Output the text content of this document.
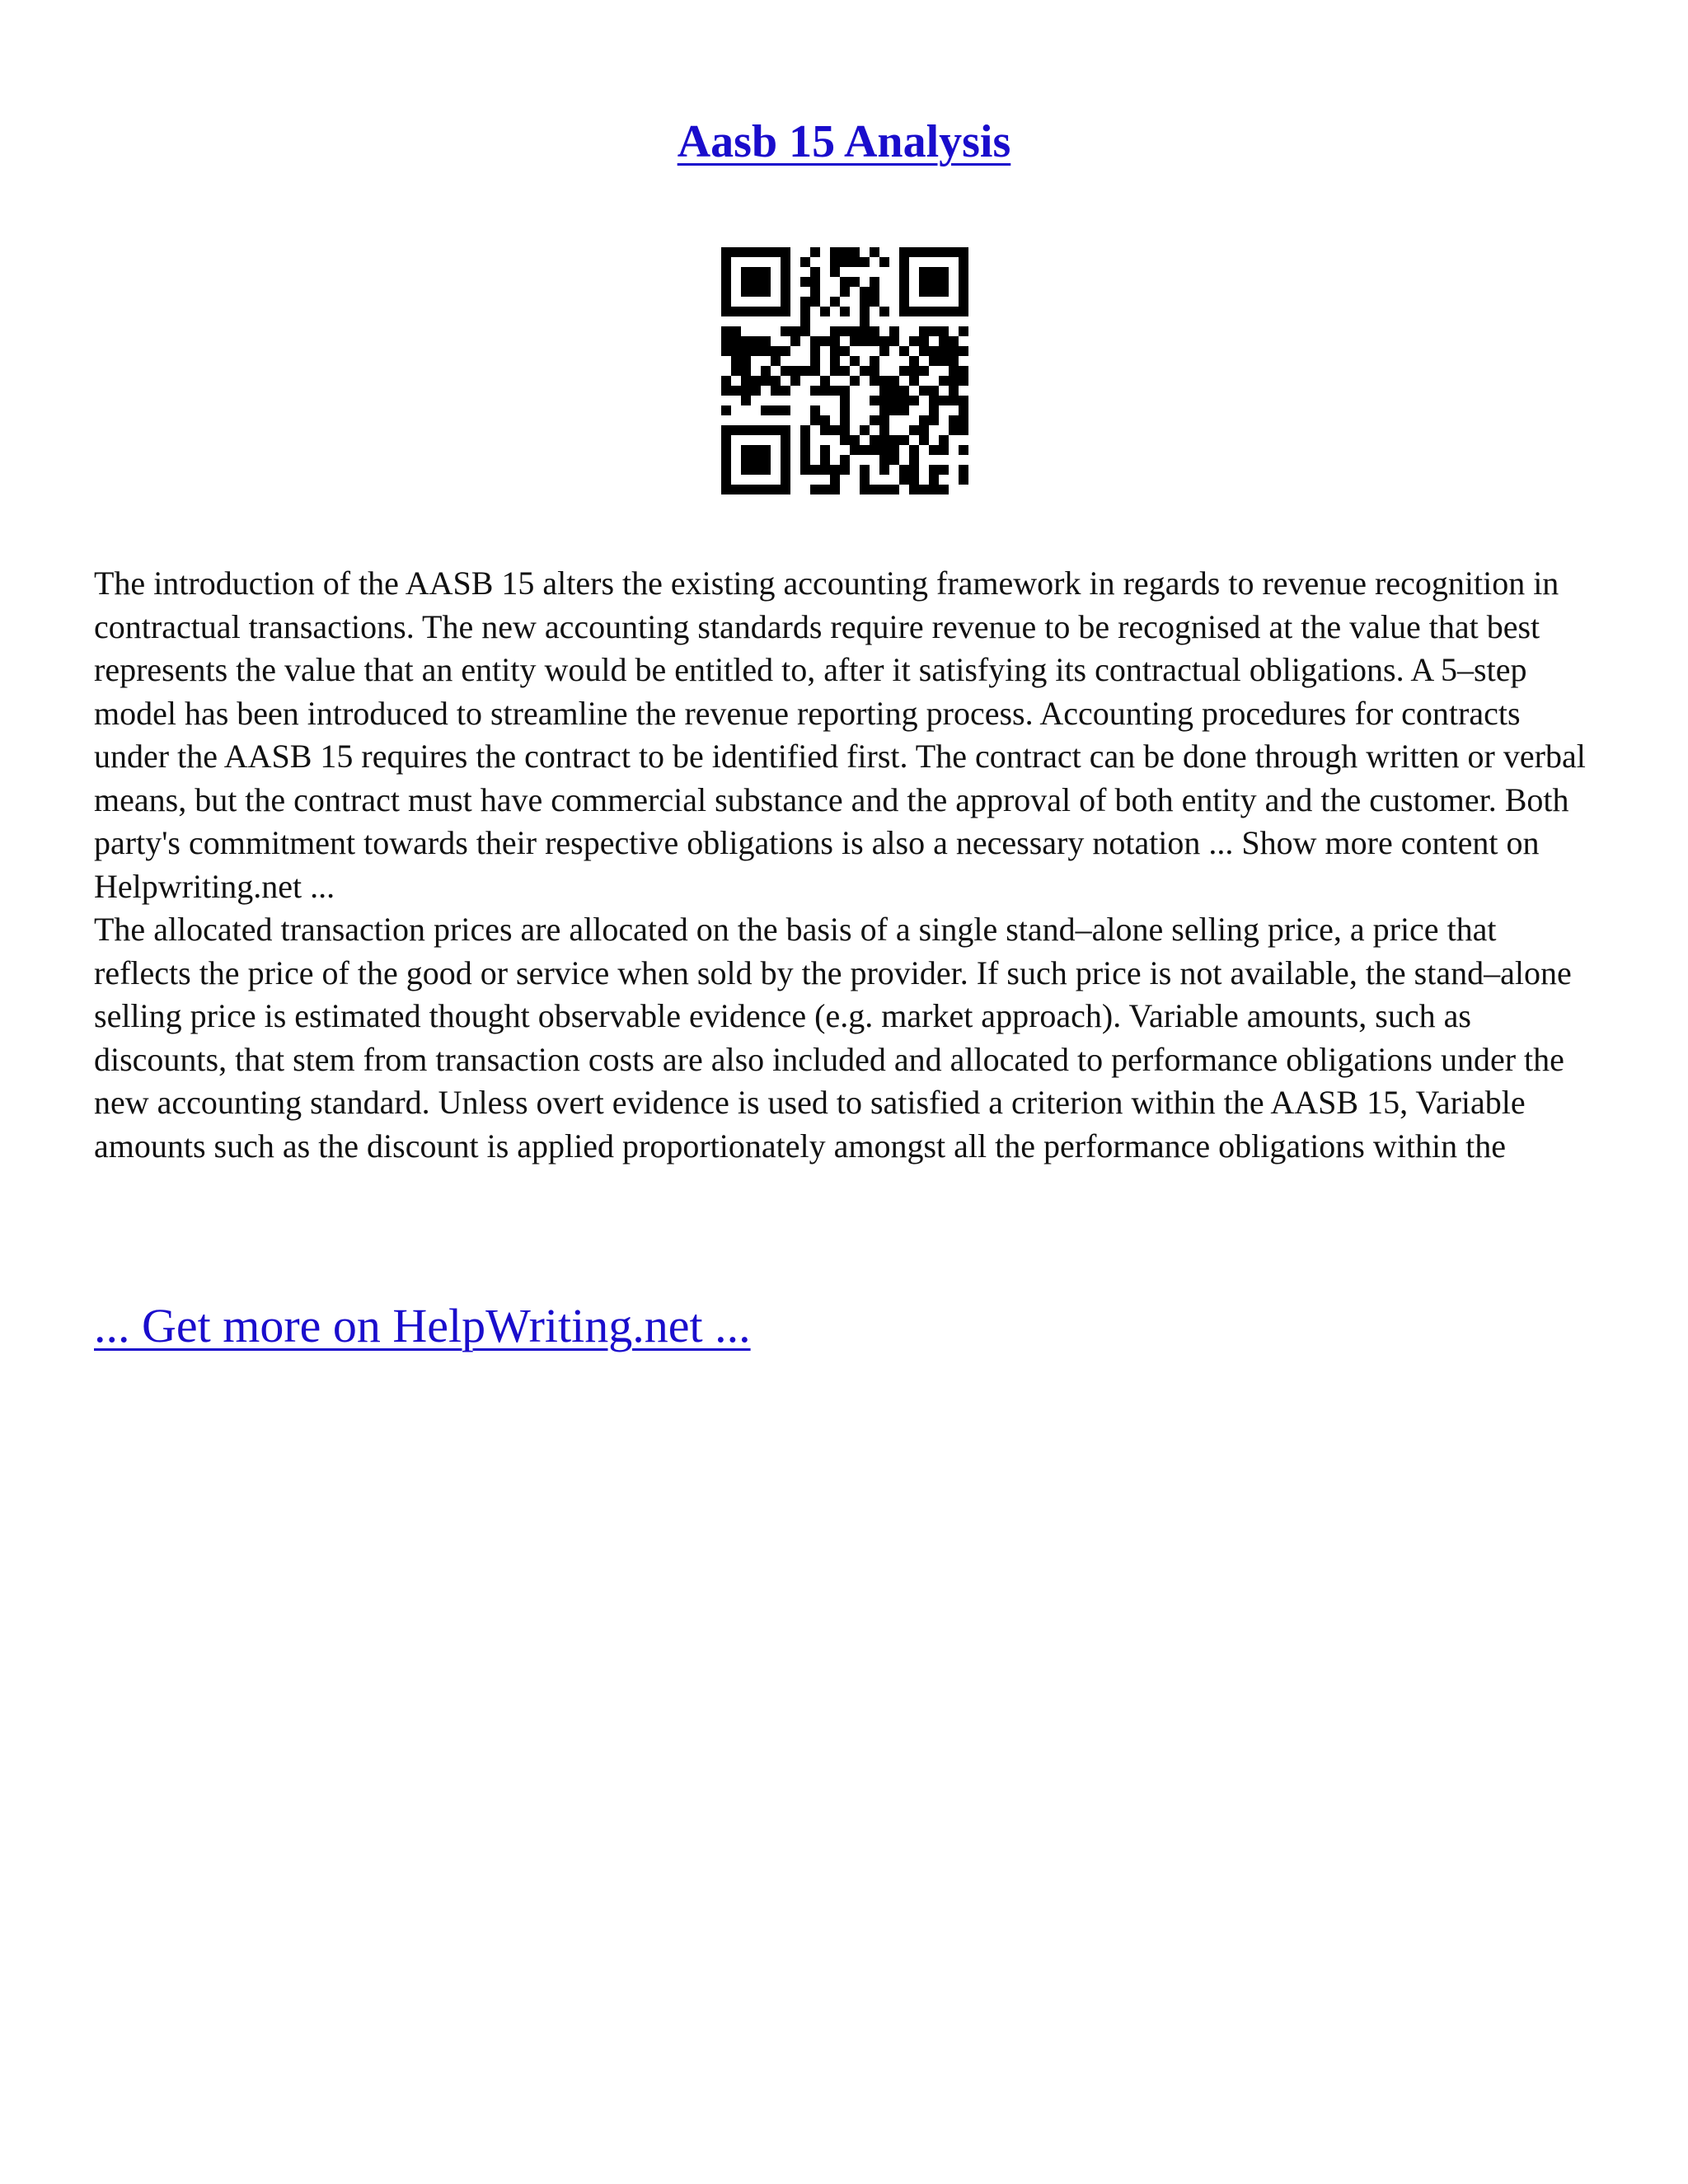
Aasb 15 Analysis

The introduction of the AASB 15 alters the existing accounting framework in regards to revenue recognition in contractual transactions. The new accounting standards require revenue to be recognised at the value that best represents the value that an entity would be entitled to, after it satisfying its contractual obligations. A 5–step model has been introduced to streamline the revenue reporting process. Accounting procedures for contracts under the AASB 15 requires the contract to be identified first. The contract can be done through written or verbal means, but the contract must have commercial substance and the approval of both entity and the customer. Both party's commitment towards their respective obligations is also a necessary notation ... Show more content on Helpwriting.net ...

The allocated transaction prices are allocated on the basis of a single stand–alone selling price, a price that reflects the price of the good or service when sold by the provider. If such price is not available, the stand–alone selling price is estimated thought observable evidence (e.g. market approach). Variable amounts, such as discounts, that stem from transaction costs are also included and allocated to performance obligations under the new accounting standard. Unless overt evidence is used to satisfied a criterion within the AASB 15, Variable amounts such as the discount is applied proportionately amongst all the performance obligations within the

... Get more on HelpWriting.net ...
